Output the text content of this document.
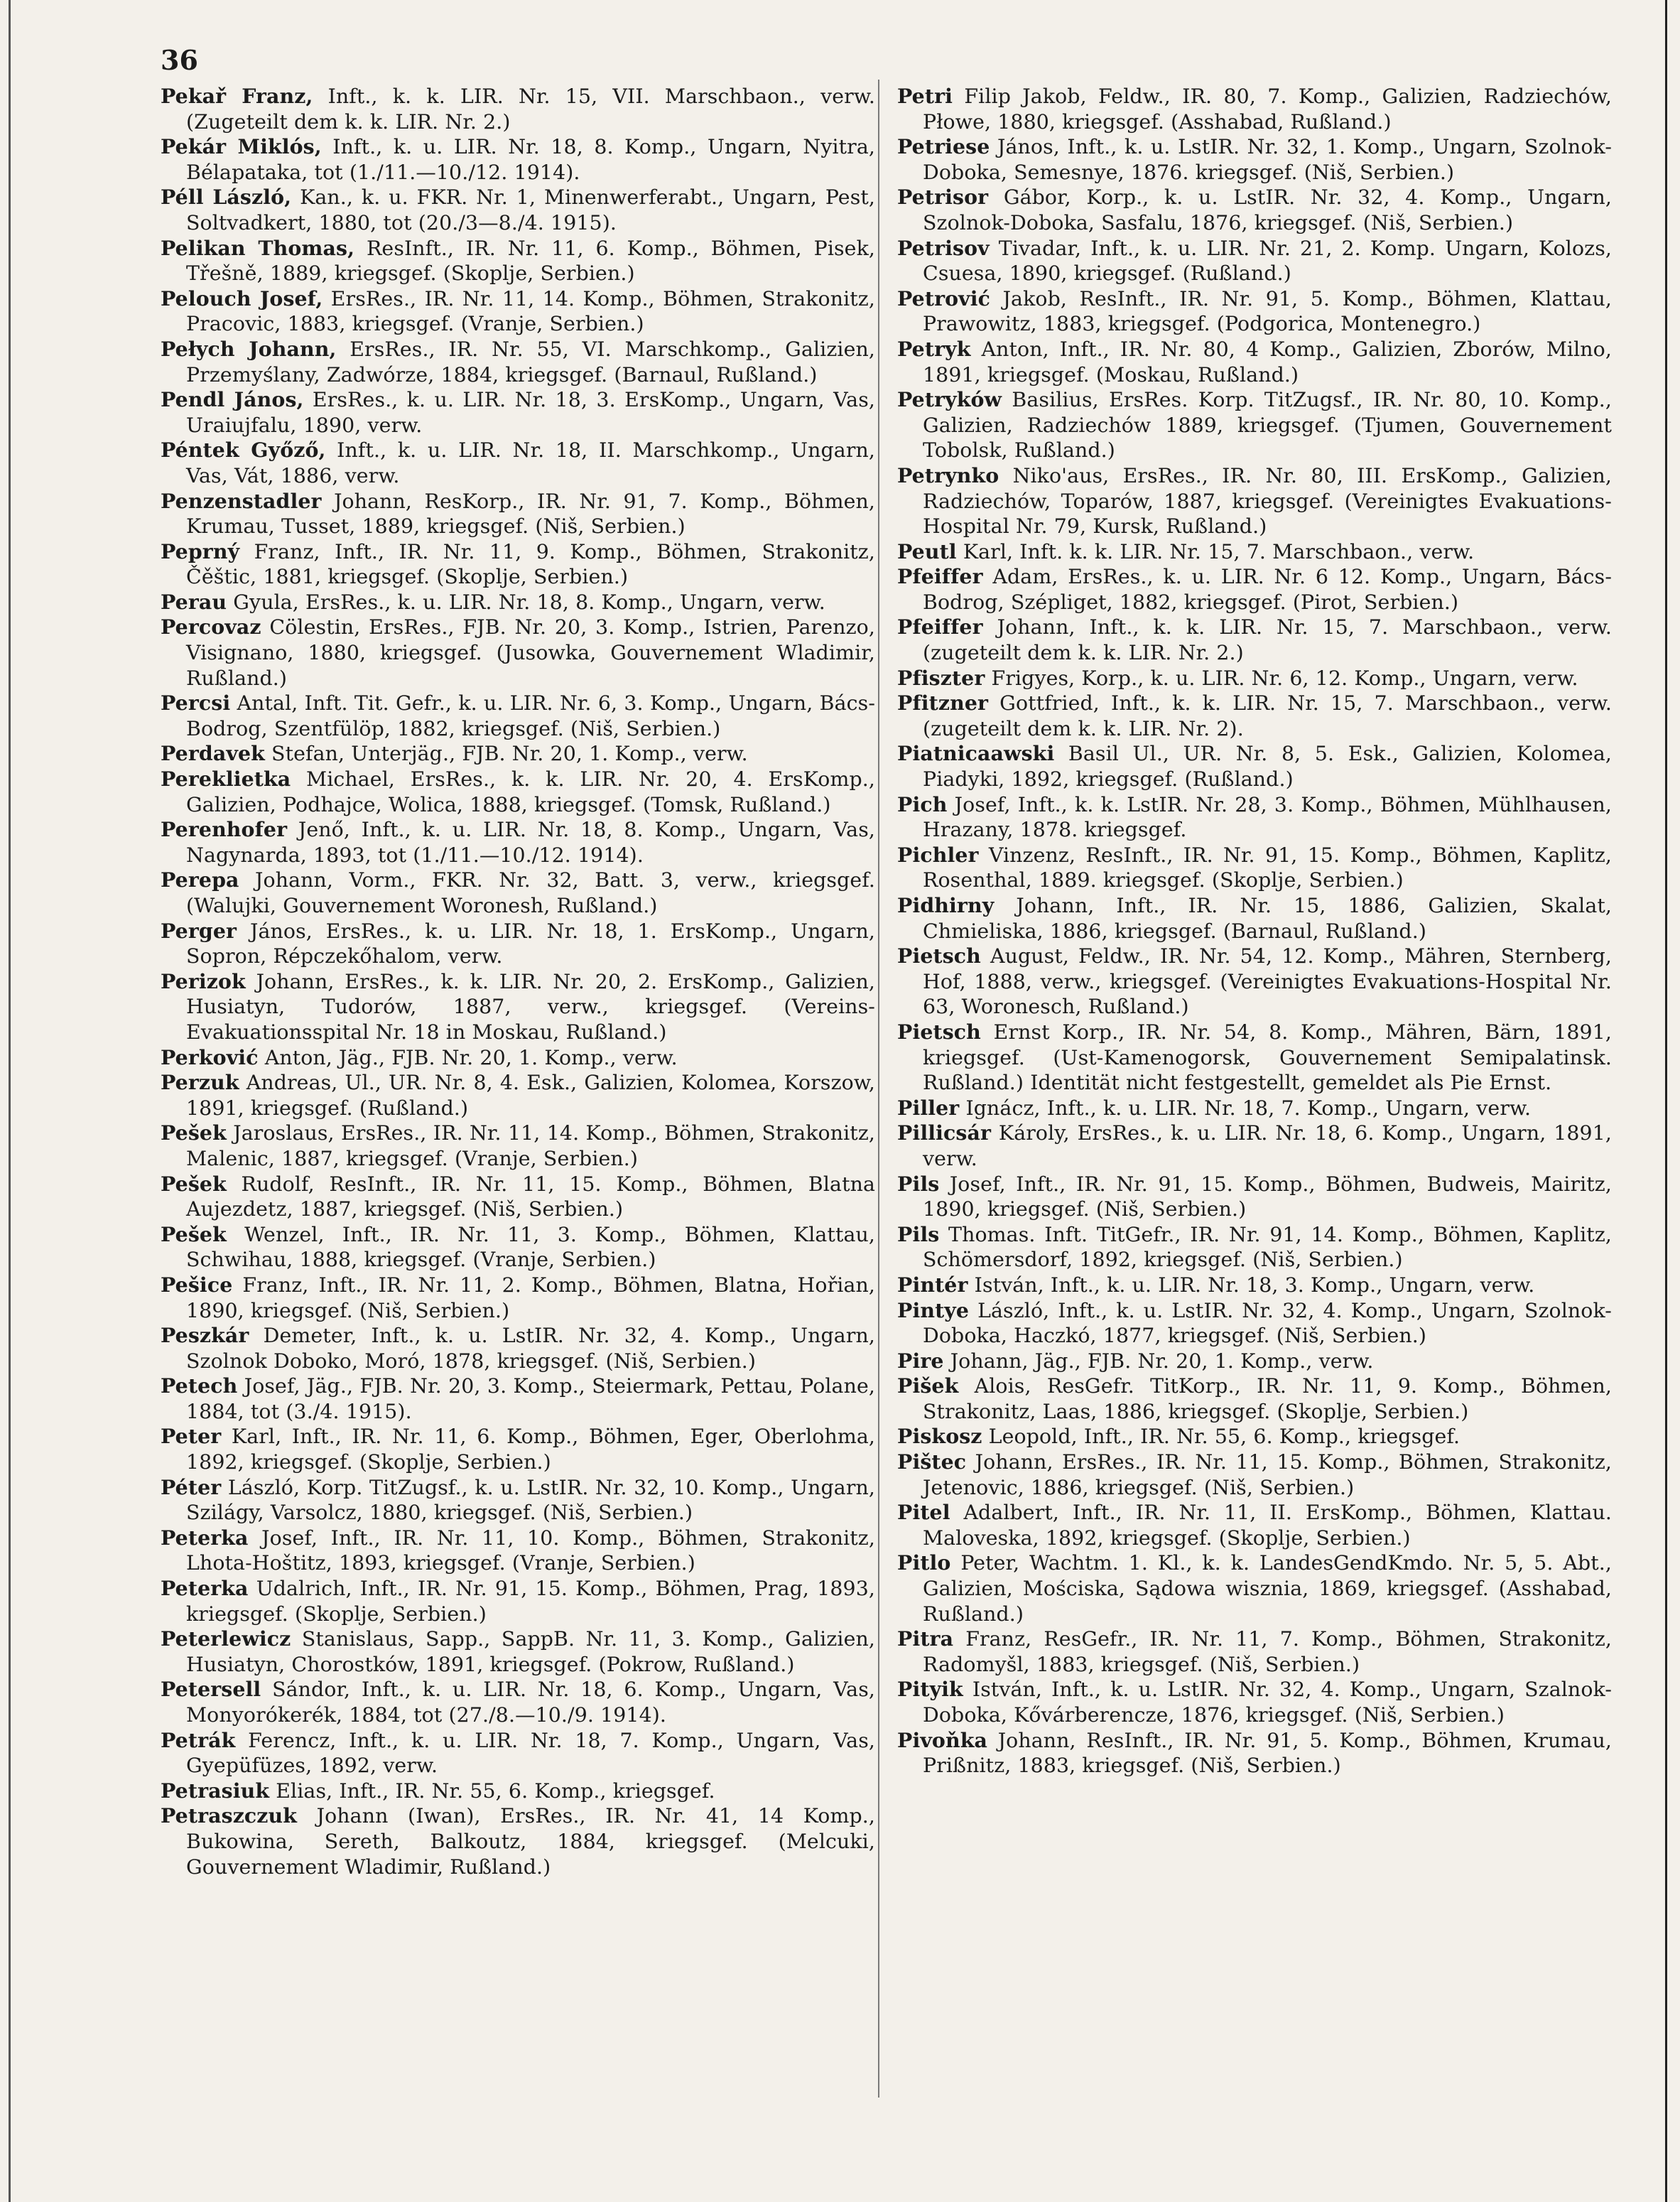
36

Pekař Franz, Inft., k. k. LIR. Nr. 15, VII. Marschbaon., verw. (Zugeteilt dem k. k. LIR. Nr. 2.)

Pekár Miklós, Inft., k. u. LIR. Nr. 18, 8. Komp., Ungarn, Nyitra, Bélapataka, tot (1./11.—10./12. 1914).

Péll László, Kan., k. u. FKR. Nr. 1, Minenwerferabt., Ungarn, Pest, Soltvadkert, 1880, tot (20./3—8./4. 1915).

Pelikan Thomas, ResInft., IR. Nr. 11, 6. Komp., Böhmen, Pisek, Třešně, 1889, kriegsgef. (Skoplje, Serbien.)

Pelouch Josef, ErsRes., IR. Nr. 11, 14. Komp., Böhmen, Strakonitz, Pracovic, 1883, kriegsgef. (Vranje, Serbien.)

Pełych Johann, ErsRes., IR. Nr. 55, VI. Marschkomp., Galizien, Przemyślany, Zadwórze, 1884, kriegsgef. (Barnaul, Rußland.)

Pendl János, ErsRes., k. u. LIR. Nr. 18, 3. ErsKomp., Ungarn, Vas, Uraiujfalu, 1890, verw.

Péntek Győző, Inft., k. u. LIR. Nr. 18, II. Marschkomp., Ungarn, Vas, Vát, 1886, verw.

Penzenstadler Johann, ResKorp., IR. Nr. 91, 7. Komp., Böhmen, Krumau, Tusset, 1889, kriegsgef. (Niš, Serbien.)

Peprný Franz, Inft., IR. Nr. 11, 9. Komp., Böhmen, Strakonitz, Čěštic, 1881, kriegsgef. (Skoplje, Serbien.)

Perau Gyula, ErsRes., k. u. LIR. Nr. 18, 8. Komp., Ungarn, verw.

Percovaz Cölestin, ErsRes., FJB. Nr. 20, 3. Komp., Istrien, Parenzo, Visignano, 1880, kriegsgef. (Jusowka, Gouvernement Wladimir, Rußland.)

Percsi Antal, Inft. Tit. Gefr., k. u. LIR. Nr. 6, 3. Komp., Ungarn, Bács-Bodrog, Szentfülöp, 1882, kriegsgef. (Niš, Serbien.)

Perdavek Stefan, Unterjäg., FJB. Nr. 20, 1. Komp., verw.

Pereklietka Michael, ErsRes., k. k. LIR. Nr. 20, 4. ErsKomp., Galizien, Podhajce, Wolica, 1888, kriegsgef. (Tomsk, Rußland.)

Perenhofer Jenő, Inft., k. u. LIR. Nr. 18, 8. Komp., Ungarn, Vas, Nagynarda, 1893, tot (1./11.—10./12. 1914).

Perepa Johann, Vorm., FKR. Nr. 32, Batt. 3, verw., kriegsgef. (Walujki, Gouvernement Woronesh, Rußland.)

Perger János, ErsRes., k. u. LIR. Nr. 18, 1. ErsKomp., Ungarn, Sopron, Répczekőhalom, verw.

Perizok Johann, ErsRes., k. k. LIR. Nr. 20, 2. ErsKomp., Galizien, Husiatyn, Tudorów, 1887, verw., kriegsgef. (Vereins-Evakuationsspital Nr. 18 in Moskau, Rußland.)

Perković Anton, Jäg., FJB. Nr. 20, 1. Komp., verw.

Perzuk Andreas, Ul., UR. Nr. 8, 4. Esk., Galizien, Kolomea, Korszow, 1891, kriegsgef. (Rußland.)

Pešek Jaroslaus, ErsRes., IR. Nr. 11, 14. Komp., Böhmen, Strakonitz, Malenic, 1887, kriegsgef. (Vranje, Serbien.)

Pešek Rudolf, ResInft., IR. Nr. 11, 15. Komp., Böhmen, Blatna Aujezdetz, 1887, kriegsgef. (Niš, Serbien.)

Pešek Wenzel, Inft., IR. Nr. 11, 3. Komp., Böhmen, Klattau, Schwihau, 1888, kriegsgef. (Vranje, Serbien.)

Pešice Franz, Inft., IR. Nr. 11, 2. Komp., Böhmen, Blatna, Hořian, 1890, kriegsgef. (Niš, Serbien.)

Peszkár Demeter, Inft., k. u. LstIR. Nr. 32, 4. Komp., Ungarn, Szolnok Doboko, Moró, 1878, kriegsgef. (Niš, Serbien.)

Petech Josef, Jäg., FJB. Nr. 20, 3. Komp., Steiermark, Pettau, Polane, 1884, tot (3./4. 1915).

Peter Karl, Inft., IR. Nr. 11, 6. Komp., Böhmen, Eger, Oberlohma, 1892, kriegsgef. (Skoplje, Serbien.)

Péter László, Korp. TitZugsf., k. u. LstIR. Nr. 32, 10. Komp., Ungarn, Szilágy, Varsolcz, 1880, kriegsgef. (Niš, Serbien.)

Peterka Josef, Inft., IR. Nr. 11, 10. Komp., Böhmen, Strakonitz, Lhota-Hoštitz, 1893, kriegsgef. (Vranje, Serbien.)

Peterka Udalrich, Inft., IR. Nr. 91, 15. Komp., Böhmen, Prag, 1893, kriegsgef. (Skoplje, Serbien.)

Peterlewicz Stanislaus, Sapp., SappB. Nr. 11, 3. Komp., Galizien, Husiatyn, Chorostków, 1891, kriegsgef. (Pokrow, Rußland.)

Petersell Sándor, Inft., k. u. LIR. Nr. 18, 6. Komp., Ungarn, Vas, Monyorókerék, 1884, tot (27./8.—10./9. 1914).

Petrák Ferencz, Inft., k. u. LIR. Nr. 18, 7. Komp., Ungarn, Vas, Gyepüfüzes, 1892, verw.

Petrasiuk Elias, Inft., IR. Nr. 55, 6. Komp., kriegsgef.

Petraszczuk Johann (Iwan), ErsRes., IR. Nr. 41, 14 Komp., Bukowina, Sereth, Balkoutz, 1884, kriegsgef. (Melcuki, Gouvernement Wladimir, Rußland.)

Petri Filip Jakob, Feldw., IR. 80, 7. Komp., Galizien, Radziechów, Płowe, 1880, kriegsgef. (Asshabad, Rußland.)

Petriese János, Inft., k. u. LstIR. Nr. 32, 1. Komp., Ungarn, Szolnok-Doboka, Semesnye, 1876. kriegsgef. (Niš, Serbien.)

Petrisor Gábor, Korp., k. u. LstIR. Nr. 32, 4. Komp., Ungarn, Szolnok-Doboka, Sasfalu, 1876, kriegsgef. (Niš, Serbien.)

Petrisov Tivadar, Inft., k. u. LIR. Nr. 21, 2. Komp. Ungarn, Kolozs, Csuesa, 1890, kriegsgef. (Rußland.)

Petrović Jakob, ResInft., IR. Nr. 91, 5. Komp., Böhmen, Klattau, Prawowitz, 1883, kriegsgef. (Podgorica, Montenegro.)

Petryk Anton, Inft., IR. Nr. 80, 4 Komp., Galizien, Zborów, Milno, 1891, kriegsgef. (Moskau, Rußland.)

Petryków Basilius, ErsRes. Korp. TitZugsf., IR. Nr. 80, 10. Komp., Galizien, Radziechów 1889, kriegsgef. (Tjumen, Gouvernement Tobolsk, Rußland.)

Petrynko Niko'aus, ErsRes., IR. Nr. 80, III. ErsKomp., Galizien, Radziechów, Toparów, 1887, kriegsgef. (Vereinigtes Evakuations-Hospital Nr. 79, Kursk, Rußland.)

Peutl Karl, Inft. k. k. LIR. Nr. 15, 7. Marschbaon., verw.

Pfeiffer Adam, ErsRes., k. u. LIR. Nr. 6 12. Komp., Ungarn, Bács-Bodrog, Szépliget, 1882, kriegsgef. (Pirot, Serbien.)

Pfeiffer Johann, Inft., k. k. LIR. Nr. 15, 7. Marschbaon., verw. (zugeteilt dem k. k. LIR. Nr. 2.)

Pfiszter Frigyes, Korp., k. u. LIR. Nr. 6, 12. Komp., Ungarn, verw.

Pfitzner Gottfried, Inft., k. k. LIR. Nr. 15, 7. Marschbaon., verw. (zugeteilt dem k. k. LIR. Nr. 2).

Piatnicaawski Basil Ul., UR. Nr. 8, 5. Esk., Galizien, Kolomea, Piadyki, 1892, kriegsgef. (Rußland.)

Pich Josef, Inft., k. k. LstIR. Nr. 28, 3. Komp., Böhmen, Mühlhausen, Hrazany, 1878. kriegsgef.

Pichler Vinzenz, ResInft., IR. Nr. 91, 15. Komp., Böhmen, Kaplitz, Rosenthal, 1889. kriegsgef. (Skoplje, Serbien.)

Pidhirny Johann, Inft., IR. Nr. 15, 1886, Galizien, Skalat, Chmieliska, 1886, kriegsgef. (Barnaul, Rußland.)

Pietsch August, Feldw., IR. Nr. 54, 12. Komp., Mähren, Sternberg, Hof, 1888, verw., kriegsgef. (Vereinigtes Evakuations-Hospital Nr. 63, Woronesch, Rußland.)

Pietsch Ernst Korp., IR. Nr. 54, 8. Komp., Mähren, Bärn, 1891, kriegsgef. (Ust-Kamenogorsk, Gouvernement Semipalatinsk. Rußland.) Identität nicht festgestellt, gemeldet als Pie Ernst.

Piller Ignácz, Inft., k. u. LIR. Nr. 18, 7. Komp., Ungarn, verw.

Pillicsár Károly, ErsRes., k. u. LIR. Nr. 18, 6. Komp., Ungarn, 1891, verw.

Pils Josef, Inft., IR. Nr. 91, 15. Komp., Böhmen, Budweis, Mairitz, 1890, kriegsgef. (Niš, Serbien.)

Pils Thomas. Inft. TitGefr., IR. Nr. 91, 14. Komp., Böhmen, Kaplitz, Schömersdorf, 1892, kriegsgef. (Niš, Serbien.)

Pintér István, Inft., k. u. LIR. Nr. 18, 3. Komp., Ungarn, verw.

Pintye László, Inft., k. u. LstIR. Nr. 32, 4. Komp., Ungarn, Szolnok-Doboka, Haczkó, 1877, kriegsgef. (Niš, Serbien.)

Pire Johann, Jäg., FJB. Nr. 20, 1. Komp., verw.

Pišek Alois, ResGefr. TitKorp., IR. Nr. 11, 9. Komp., Böhmen, Strakonitz, Laas, 1886, kriegsgef. (Skoplje, Serbien.)

Piskosz Leopold, Inft., IR. Nr. 55, 6. Komp., kriegsgef.

Pištec Johann, ErsRes., IR. Nr. 11, 15. Komp., Böhmen, Strakonitz, Jetenovic, 1886, kriegsgef. (Niš, Serbien.)

Pitel Adalbert, Inft., IR. Nr. 11, II. ErsKomp., Böhmen, Klattau. Maloveska, 1892, kriegsgef. (Skoplje, Serbien.)

Pitlo Peter, Wachtm. 1. Kl., k. k. LandesGendKmdo. Nr. 5, 5. Abt., Galizien, Mościska, Sądowa wisznia, 1869, kriegsgef. (Asshabad, Rußland.)

Pitra Franz, ResGefr., IR. Nr. 11, 7. Komp., Böhmen, Strakonitz, Radomyšl, 1883, kriegsgef. (Niš, Serbien.)

Pityik István, Inft., k. u. LstIR. Nr. 32, 4. Komp., Ungarn, Szalnok-Doboka, Kővárberencze, 1876, kriegsgef. (Niš, Serbien.)

Pivoňka Johann, ResInft., IR. Nr. 91, 5. Komp., Böhmen, Krumau, Prißnitz, 1883, kriegsgef. (Niš, Serbien.)
